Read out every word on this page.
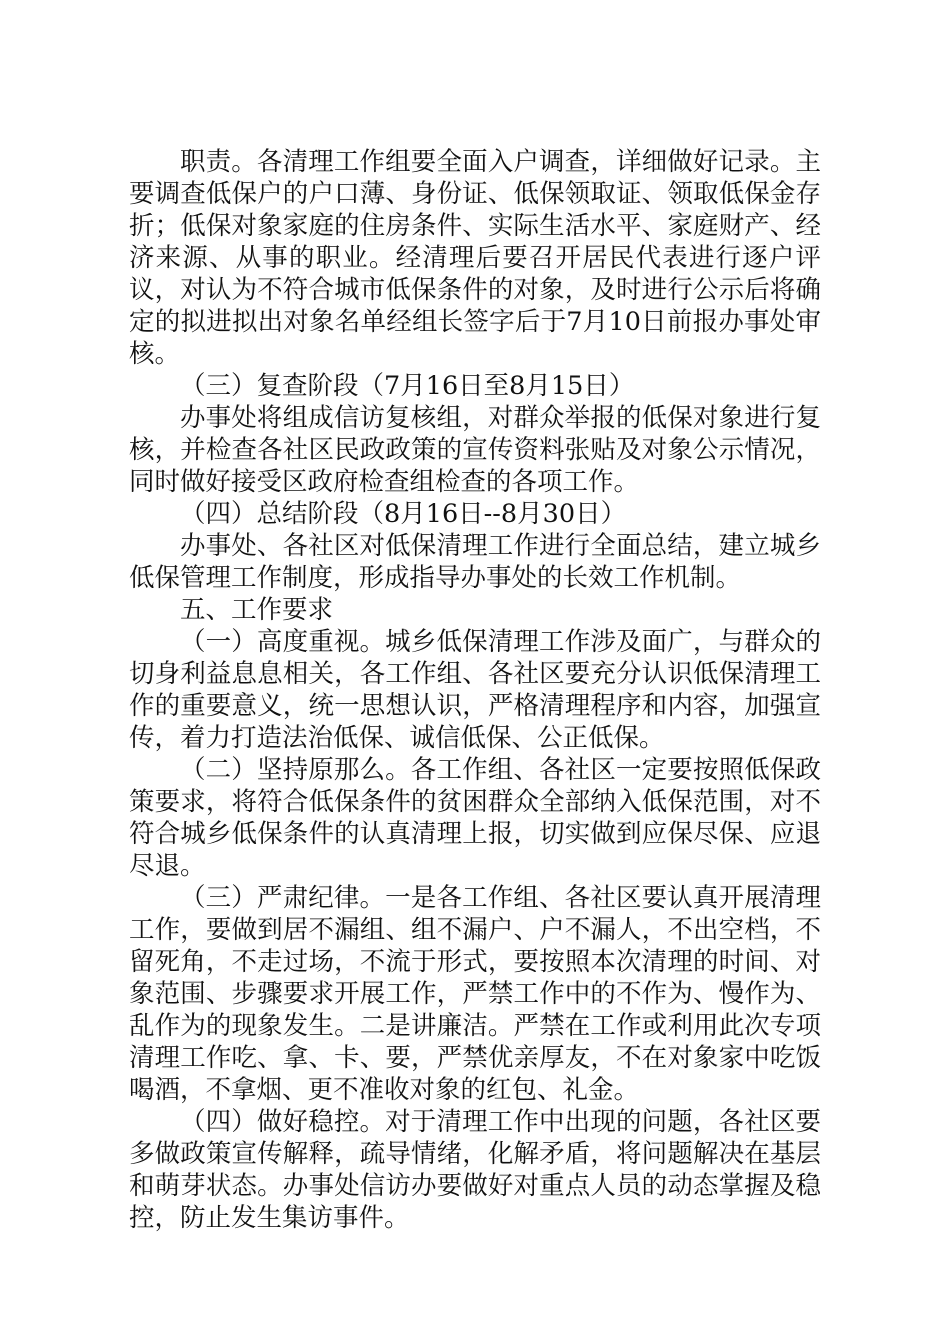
职责。各清理工作组要全面入户调查，详细做好记录。主要调查低保户的户口薄、身份证、低保领取证、领取低保金存折；低保对象家庭的住房条件、实际生活水平、家庭财产、经济来源、从事的职业。经清理后要召开居民代表进行逐户评议，对认为不符合城市低保条件的对象，及时进行公示后将确定的拟进拟出对象名单经组长签字后于7月10日前报办事处审核。

（三）复查阶段（7月16日至8月15日）

办事处将组成信访复核组，对群众举报的低保对象进行复核，并检查各社区民政政策的宣传资料张贴及对象公示情况，同时做好接受区政府检查组检查的各项工作。

（四）总结阶段（8月16日--8月30日）

办事处、各社区对低保清理工作进行全面总结，建立城乡低保管理工作制度，形成指导办事处的长效工作机制。

五、工作要求

（一）高度重视。城乡低保清理工作涉及面广，与群众的切身利益息息相关，各工作组、各社区要充分认识低保清理工作的重要意义，统一思想认识，严格清理程序和内容，加强宣传，着力打造法治低保、诚信低保、公正低保。

（二）坚持原那么。各工作组、各社区一定要按照低保政策要求，将符合低保条件的贫困群众全部纳入低保范围，对不符合城乡低保条件的认真清理上报，切实做到应保尽保、应退尽退。

（三）严肃纪律。一是各工作组、各社区要认真开展清理工作，要做到居不漏组、组不漏户、户不漏人，不出空档，不留死角，不走过场，不流于形式，要按照本次清理的时间、对象范围、步骤要求开展工作，严禁工作中的不作为、慢作为、乱作为的现象发生。二是讲廉洁。严禁在工作或利用此次专项清理工作吃、拿、卡、要，严禁优亲厚友，不在对象家中吃饭喝酒，不拿烟、更不准收对象的红包、礼金。

（四）做好稳控。对于清理工作中出现的问题，各社区要多做政策宣传解释，疏导情绪，化解矛盾，将问题解决在基层和萌芽状态。办事处信访办要做好对重点人员的动态掌握及稳控，防止发生集访事件。
